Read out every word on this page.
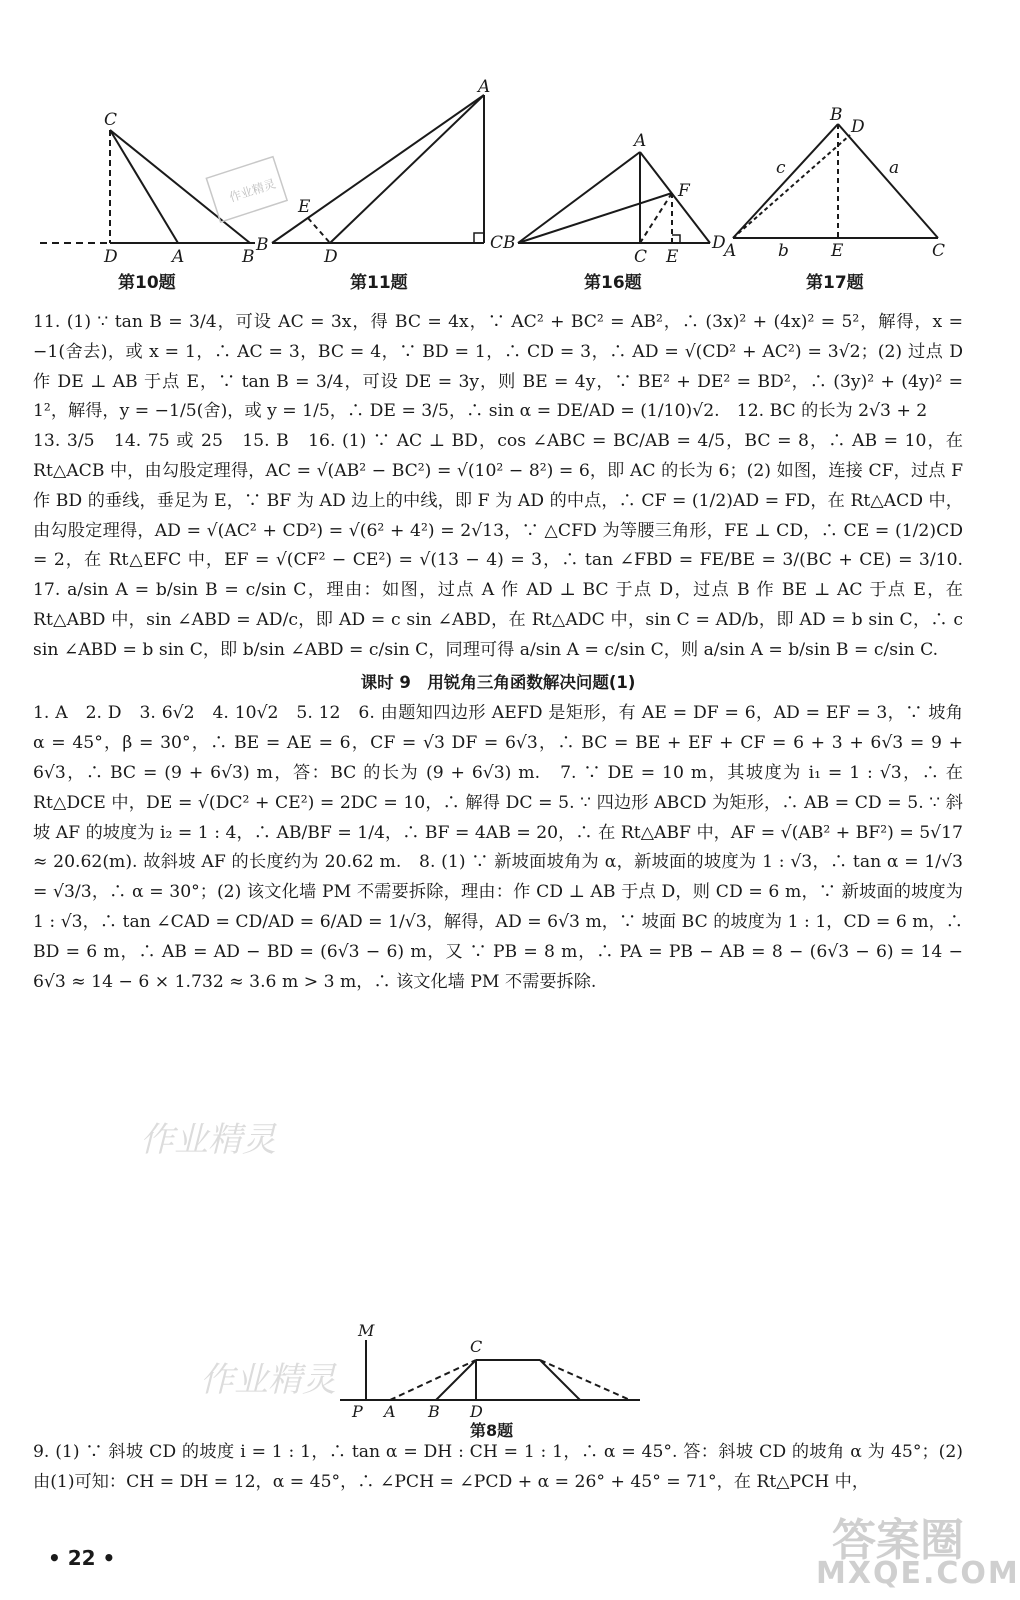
C
D	A	B
A
E
B
D
C
A
F
B
C E
D
B
D
A	E	C
c	a
b
作业精灵
第10题	第11题	第16题	第17题

11. (1) ∵ tan B = 3/4，可设 AC = 3x，得 BC = 4x，∵ AC² + BC² = AB²，∴ (3x)² + (4x)² = 5²，解得，x = −1(舍去)，或 x = 1，∴ AC = 3，BC = 4，∵ BD = 1，∴ CD = 3，∴ AD = √(CD² + AC²) = 3√2；(2) 过点 D 作 DE ⊥ AB 于点 E，∵ tan B = 3/4，可设 DE = 3y，则 BE = 4y，∵ BE² + DE² = BD²，∴ (3y)² + (4y)² = 1²，解得，y = −1/5(舍)，或 y = 1/5，∴ DE = 3/5，∴ sin α = DE/AD = (1/10)√2.　12. BC 的长为 2√3 + 2

13. 3/5　14. 75 或 25　15. B　16. (1) ∵ AC ⊥ BD，cos ∠ABC = BC/AB = 4/5，BC = 8，∴ AB = 10，在 Rt△ACB 中，由勾股定理得，AC = √(AB² − BC²) = √(10² − 8²) = 6，即 AC 的长为 6；(2) 如图，连接 CF，过点 F 作 BD 的垂线，垂足为 E，∵ BF 为 AD 边上的中线，即 F 为 AD 的中点，∴ CF = (1/2)AD = FD，在 Rt△ACD 中，由勾股定理得，AD = √(AC² + CD²) = √(6² + 4²) = 2√13，∵ △CFD 为等腰三角形，FE ⊥ CD，∴ CE = (1/2)CD = 2，在 Rt△EFC 中，EF = √(CF² − CE²) = √(13 − 4) = 3，∴ tan ∠FBD = FE/BE = 3/(BC + CE) = 3/10.　17. a/sin A = b/sin B = c/sin C，理由：如图，过点 A 作 AD ⊥ BC 于点 D，过点 B 作 BE ⊥ AC 于点 E，在 Rt△ABD 中，sin ∠ABD = AD/c，即 AD = c sin ∠ABD，在 Rt△ADC 中，sin C = AD/b，即 AD = b sin C，∴ c sin ∠ABD = b sin C，即 b/sin ∠ABD = c/sin C，同理可得 a/sin A = c/sin C，则 a/sin A = b/sin B = c/sin C.

课时 9　用锐角三角函数解决问题(1)

1. A　2. D　3. 6√2　4. 10√2　5. 12　6. 由题知四边形 AEFD 是矩形，有 AE = DF = 6，AD = EF = 3，∵ 坡角 α = 45°，β = 30°，∴ BE = AE = 6，CF = √3 DF = 6√3，∴ BC = BE + EF + CF = 6 + 3 + 6√3 = 9 + 6√3，∴ BC = (9 + 6√3) m，答：BC 的长为 (9 + 6√3) m.　7. ∵ DE = 10 m，其坡度为 i₁ = 1 : √3，∴ 在 Rt△DCE 中，DE = √(DC² + CE²) = 2DC = 10，∴ 解得 DC = 5. ∵ 四边形 ABCD 为矩形，∴ AB = CD = 5. ∵ 斜坡 AF 的坡度为 i₂ = 1 : 4，∴ AB/BF = 1/4，∴ BF = 4AB = 20，∴ 在 Rt△ABF 中，AF = √(AB² + BF²) = 5√17 ≈ 20.62(m). 故斜坡 AF 的长度约为 20.62 m.　8. (1) ∵ 新坡面坡角为 α，新坡面的坡度为 1 : √3，∴ tan α = 1/√3 = √3/3，∴ α = 30°；(2) 该文化墙 PM 不需要拆除，理由：作 CD ⊥ AB 于点 D，则 CD = 6 m，∵ 新坡面的坡度为 1 : √3，∴ tan ∠CAD = CD/AD = 6/AD = 1/√3，解得，AD = 6√3 m，∵ 坡面 BC 的坡度为 1 : 1，CD = 6 m，∴ BD = 6 m，∴ AB = AD − BD = (6√3 − 6) m，又 ∵ PB = 8 m，∴ PA = PB − AB = 8 − (6√3 − 6) = 14 − 6√3 ≈ 14 − 6 × 1.732 ≈ 3.6 m > 3 m，∴ 该文化墙 PM 不需要拆除.

作业精灵
M
C
P A B D
作业精灵
第8题

9. (1) ∵ 斜坡 CD 的坡度 i = 1 : 1，∴ tan α = DH : CH = 1 : 1，∴ α = 45°. 答：斜坡 CD 的坡角 α 为 45°；(2) 由(1)可知：CH = DH = 12，α = 45°，∴ ∠PCH = ∠PCD + α = 26° + 45° = 71°，在 Rt△PCH 中，

• 22 •	答案圈
MXQE.COM
